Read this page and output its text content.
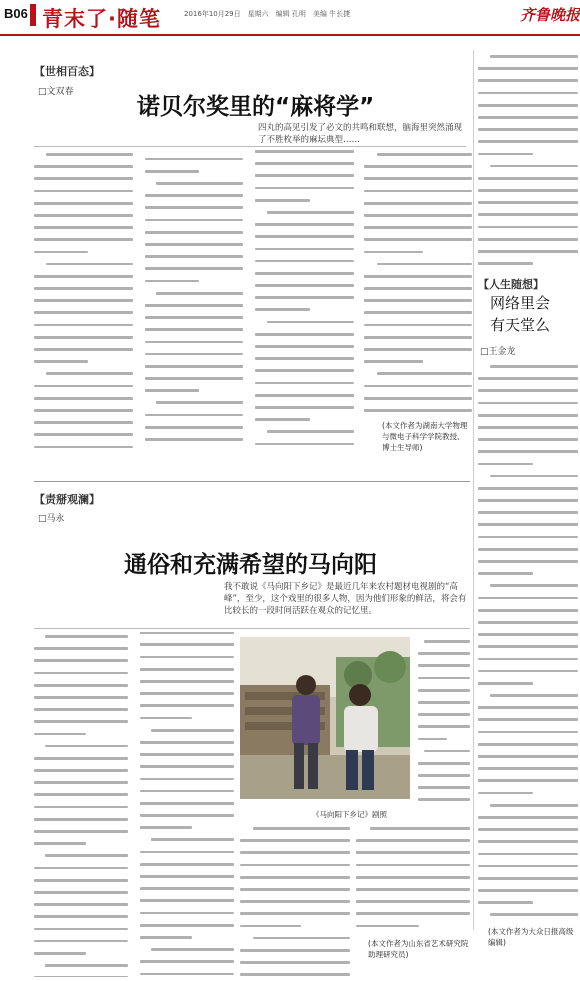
B06 青末了·随笔	2016年10月29日　星期六　编辑 孔明　美编 牛长捷	齐鲁晚报
【世相百态】
□文双春
诺贝尔奖里的“麻将学”
四丸的高见引发了必文的共鸣和联想，脑海里突然涌现了不胜枚举的麻坛典型……
(本文作者为湖南大学物理与微电子科学学院教授、博士生导师)
【人生随想】
网络里会有天堂么
□王金龙
(本文作者为大众日报高级编辑)
【责掰观澜】
□马永
通俗和充满希望的马向阳
我不敢说《马向阳下乡记》是最近几年来农村题材电视剧的“高峰”，至少，这个戏里的很多人物，因为他们形象的鲜活，将会有比较长的一段时间活跃在观众的记忆里。
《马向阳下乡记》剧照
(本文作者为山东省艺术研究院助理研究员)
